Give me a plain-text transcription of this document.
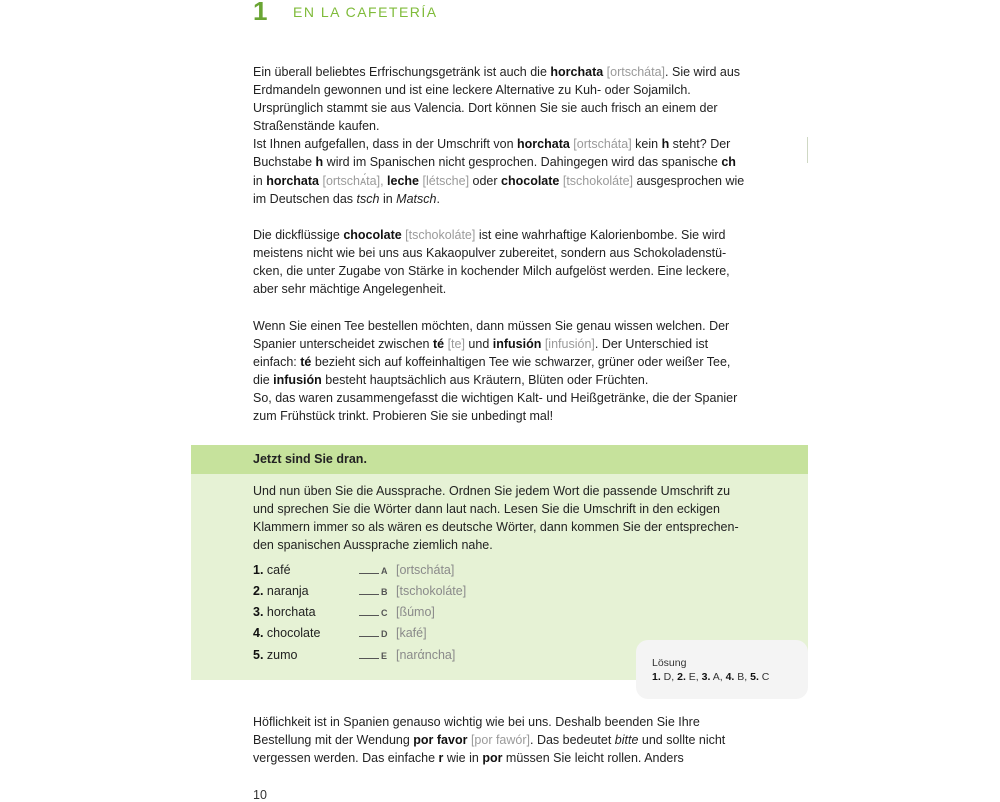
1 EN LA CAFETERÍA

Ein überall beliebtes Erfrischungsgetränk ist auch die horchata [ortscháta]. Sie wird aus Erdmandeln gewonnen und ist eine leckere Alternative zu Kuh- oder Sojamilch. Ursprünglich stammt sie aus Valencia. Dort können Sie sie auch frisch an einem der Straßenstände kaufen.

Ist Ihnen aufgefallen, dass in der Umschrift von horchata [ortscháta] kein h steht? Der Buchstabe h wird im Spanischen nicht gesprochen. Dahingegen wird das spanische ch in horchata [ortschᴀ́ta], leche [létsche] oder chocolate [tschokoláte] ausgesprochen wie im Deutschen das tsch in Matsch.

Die dickflüssige chocolate [tschokoláte] ist eine wahrhaftige Kalorienbombe. Sie wird meistens nicht wie bei uns aus Kakaopulver zubereitet, sondern aus Schokoladenstü-cken, die unter Zugabe von Stärke in kochender Milch aufgelöst werden. Eine leckere, aber sehr mächtige Angelegenheit.

Wenn Sie einen Tee bestellen möchten, dann müssen Sie genau wissen welchen. Der Spanier unterscheidet zwischen té [te] und infusión [infusión]. Der Unterschied ist einfach: té bezieht sich auf koffeinhaltigen Tee wie schwarzer, grüner oder weißer Tee, die infusión besteht hauptsächlich aus Kräutern, Blüten oder Früchten.

So, das waren zusammengefasst die wichtigen Kalt- und Heißgetränke, die der Spanier zum Frühstück trinkt. Probieren Sie sie unbedingt mal!

Jetzt sind Sie dran.
Und nun üben Sie die Aussprache. Ordnen Sie jedem Wort die passende Umschrift zu und sprechen Sie die Wörter dann laut nach. Lesen Sie die Umschrift in den eckigen Klammern immer so als wären es deutsche Wörter, dann kommen Sie der entsprechen-den spanischen Aussprache ziemlich nahe.
1. café	A [ortscháta]
2. naranja	B [tschokoláte]
3. horchata	C [ßúmo]
4. chocolate	D [kafé]
5. zumo	E [narάncha]
Lösung
1. D, 2. E, 3. A, 4. B, 5. C

Höflichkeit ist in Spanien genauso wichtig wie bei uns. Deshalb beenden Sie Ihre Bestellung mit der Wendung por favor [por fawór]. Das bedeutet bitte und sollte nicht vergessen werden. Das einfache r wie in por müssen Sie leicht rollen. Anders

10
